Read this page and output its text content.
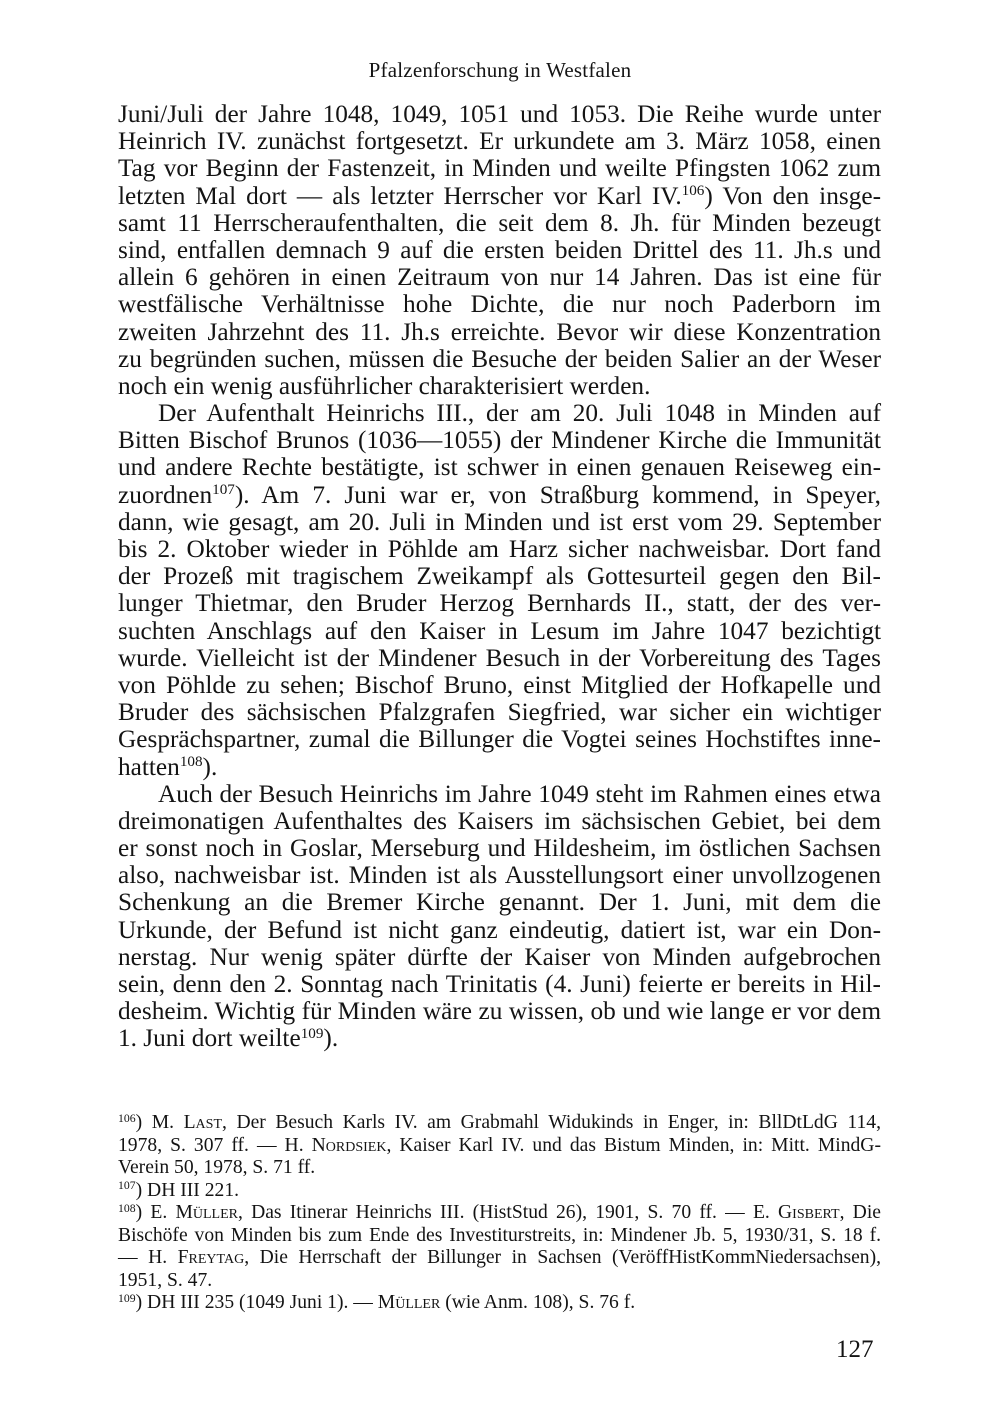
Pfalzenforschung in Westfalen
Juni/Juli der Jahre 1048, 1049, 1051 und 1053. Die Reihe wurde unter
Heinrich IV. zunächst fortgesetzt. Er urkundete am 3. März 1058, einen
Tag vor Beginn der Fastenzeit, in Minden und weilte Pfingsten 1062 zum
letzten Mal dort — als letzter Herrscher vor Karl IV.$^{106}$) Von den insge-
samt 11 Herrscheraufenthalten, die seit dem 8. Jh. für Minden bezeugt
sind, entfallen demnach 9 auf die ersten beiden Drittel des 11. Jh.s und
allein 6 gehören in einen Zeitraum von nur 14 Jahren. Das ist eine für
westfälische Verhältnisse hohe Dichte, die nur noch Paderborn im
zweiten Jahrzehnt des 11. Jh.s erreichte. Bevor wir diese Konzentration
zu begründen suchen, müssen die Besuche der beiden Salier an der Weser
noch ein wenig ausführlicher charakterisiert werden.
Der Aufenthalt Heinrichs III., der am 20. Juli 1048 in Minden auf
Bitten Bischof Brunos (1036—1055) der Mindener Kirche die Immunität
und andere Rechte bestätigte, ist schwer in einen genauen Reiseweg ein-
zuordnen$^{107}$). Am 7. Juni war er, von Straßburg kommend, in Speyer,
dann, wie gesagt, am 20. Juli in Minden und ist erst vom 29. September
bis 2. Oktober wieder in Pöhlde am Harz sicher nachweisbar. Dort fand
der Prozeß mit tragischem Zweikampf als Gottesurteil gegen den Bil-
lunger Thietmar, den Bruder Herzog Bernhards II., statt, der des ver-
suchten Anschlags auf den Kaiser in Lesum im Jahre 1047 bezichtigt
wurde. Vielleicht ist der Mindener Besuch in der Vorbereitung des Tages
von Pöhlde zu sehen; Bischof Bruno, einst Mitglied der Hofkapelle und
Bruder des sächsischen Pfalzgrafen Siegfried, war sicher ein wichtiger
Gesprächspartner, zumal die Billunger die Vogtei seines Hochstiftes inne-
hatten$^{108}$).
Auch der Besuch Heinrichs im Jahre 1049 steht im Rahmen eines etwa
dreimonatigen Aufenthaltes des Kaisers im sächsischen Gebiet, bei dem
er sonst noch in Goslar, Merseburg und Hildesheim, im östlichen Sachsen
also, nachweisbar ist. Minden ist als Ausstellungsort einer unvollzogenen
Schenkung an die Bremer Kirche genannt. Der 1. Juni, mit dem die
Urkunde, der Befund ist nicht ganz eindeutig, datiert ist, war ein Don-
nerstag. Nur wenig später dürfte der Kaiser von Minden aufgebrochen
sein, denn den 2. Sonntag nach Trinitatis (4. Juni) feierte er bereits in Hil-
desheim. Wichtig für Minden wäre zu wissen, ob und wie lange er vor dem
1. Juni dort weilte$^{109}$).
$^{106}$) M. Last, Der Besuch Karls IV. am Grabmahl Widukinds in Enger, in: BllDtLdG 114,
1978, S. 307 ff. — H. Nordsiek, Kaiser Karl IV. und das Bistum Minden, in: Mitt. MindG-
Verein 50, 1978, S. 71 ff.
$^{107}$) DH III 221.
$^{108}$) E. Müller, Das Itinerar Heinrichs III. (HistStud 26), 1901, S. 70 ff. — E. Gisbert, Die
Bischöfe von Minden bis zum Ende des Investiturstreits, in: Mindener Jb. 5, 1930/31, S. 18 f.
— H. Freytag, Die Herrschaft der Billunger in Sachsen (VeröffHistKommNiedersachsen),
1951, S. 47.
$^{109}$) DH III 235 (1049 Juni 1). — Müller (wie Anm. 108), S. 76 f.
127
